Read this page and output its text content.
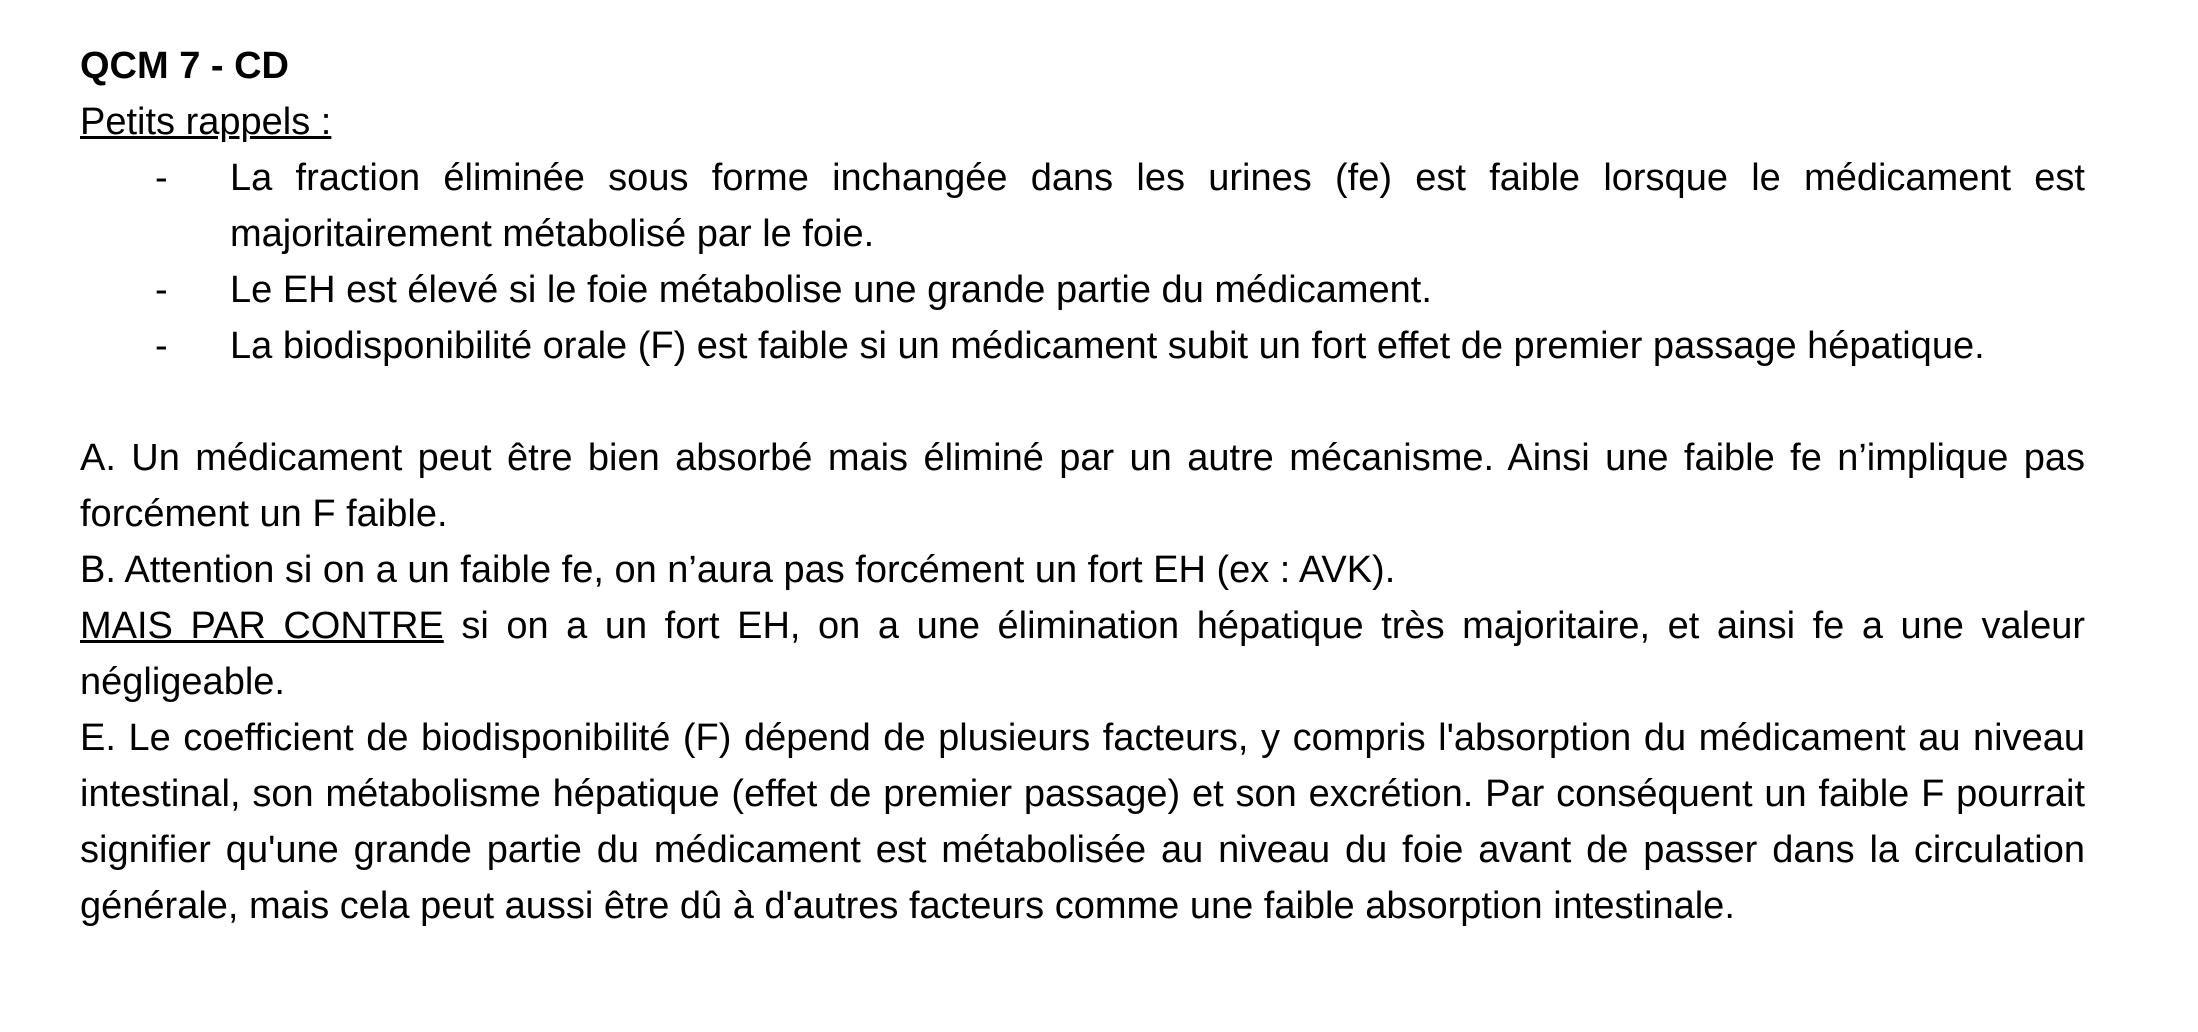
QCM 7 - CD

Petits rappels :

- La fraction éliminée sous forme inchangée dans les urines (fe) est faible lorsque le médicament est majoritairement métabolisé par le foie.
- Le EH est élevé si le foie métabolise une grande partie du médicament.
- La biodisponibilité orale (F) est faible si un médicament subit un fort effet de premier passage hépatique.

A. Un médicament peut être bien absorbé mais éliminé par un autre mécanisme. Ainsi une faible fe n’implique pas forcément un F faible.

B. Attention si on a un faible fe, on n’aura pas forcément un fort EH (ex : AVK).

MAIS PAR CONTRE si on a un fort EH, on a une élimination hépatique très majoritaire, et ainsi fe a une valeur négligeable.

E. Le coefficient de biodisponibilité (F) dépend de plusieurs facteurs, y compris l'absorption du médicament au niveau intestinal, son métabolisme hépatique (effet de premier passage) et son excrétion. Par conséquent un faible F pourrait signifier qu'une grande partie du médicament est métabolisée au niveau du foie avant de passer dans la circulation générale, mais cela peut aussi être dû à d'autres facteurs comme une faible absorption intestinale.
